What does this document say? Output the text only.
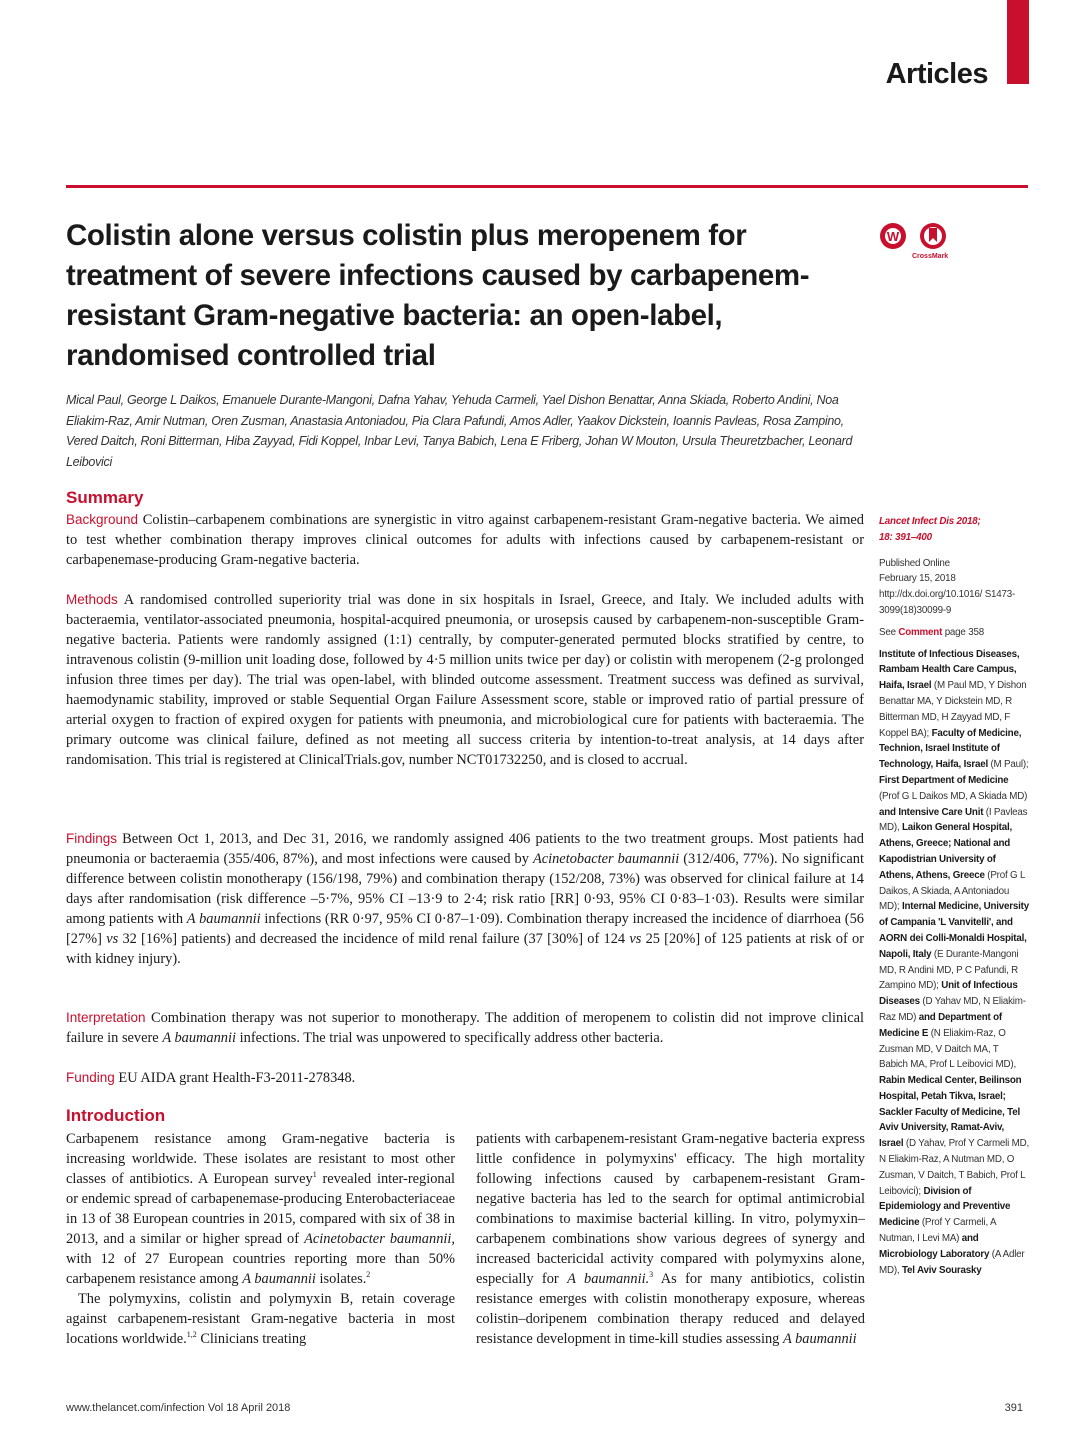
Articles
Colistin alone versus colistin plus meropenem for treatment of severe infections caused by carbapenem-resistant Gram-negative bacteria: an open-label, randomised controlled trial
W
CrossMark

Mical Paul, George L Daikos, Emanuele Durante-Mangoni, Dafna Yahav, Yehuda Carmeli, Yael Dishon Benattar, Anna Skiada, Roberto Andini, Noa Eliakim-Raz, Amir Nutman, Oren Zusman, Anastasia Antoniadou, Pia Clara Pafundi, Amos Adler, Yaakov Dickstein, Ioannis Pavleas, Rosa Zampino, Vered Daitch, Roni Bitterman, Hiba Zayyad, Fidi Koppel, Inbar Levi, Tanya Babich, Lena E Friberg, Johan W Mouton, Ursula Theuretzbacher, Leonard Leibovici

Summary

Background Colistin–carbapenem combinations are synergistic in vitro against carbapenem-resistant Gram-negative bacteria. We aimed to test whether combination therapy improves clinical outcomes for adults with infections caused by carbapenem-resistant or carbapenemase-producing Gram-negative bacteria.

Methods A randomised controlled superiority trial was done in six hospitals in Israel, Greece, and Italy. We included adults with bacteraemia, ventilator-associated pneumonia, hospital-acquired pneumonia, or urosepsis caused by carbapenem-non-susceptible Gram-negative bacteria. Patients were randomly assigned (1:1) centrally, by computer-generated permuted blocks stratified by centre, to intravenous colistin (9-million unit loading dose, followed by 4·5 million units twice per day) or colistin with meropenem (2-g prolonged infusion three times per day). The trial was open-label, with blinded outcome assessment. Treatment success was defined as survival, haemodynamic stability, improved or stable Sequential Organ Failure Assessment score, stable or improved ratio of partial pressure of arterial oxygen to fraction of expired oxygen for patients with pneumonia, and microbiological cure for patients with bacteraemia. The primary outcome was clinical failure, defined as not meeting all success criteria by intention-to-treat analysis, at 14 days after randomisation. This trial is registered at ClinicalTrials.gov, number NCT01732250, and is closed to accrual.

Findings Between Oct 1, 2013, and Dec 31, 2016, we randomly assigned 406 patients to the two treatment groups. Most patients had pneumonia or bacteraemia (355/406, 87%), and most infections were caused by Acinetobacter baumannii (312/406, 77%). No significant difference between colistin monotherapy (156/198, 79%) and combination therapy (152/208, 73%) was observed for clinical failure at 14 days after randomisation (risk difference –5·7%, 95% CI –13·9 to 2·4; risk ratio [RR] 0·93, 95% CI 0·83–1·03). Results were similar among patients with A baumannii infections (RR 0·97, 95% CI 0·87–1·09). Combination therapy increased the incidence of diarrhoea (56 [27%] vs 32 [16%] patients) and decreased the incidence of mild renal failure (37 [30%] of 124 vs 25 [20%] of 125 patients at risk of or with kidney injury).

Interpretation Combination therapy was not superior to monotherapy. The addition of meropenem to colistin did not improve clinical failure in severe A baumannii infections. The trial was unpowered to specifically address other bacteria.

Funding EU AIDA grant Health-F3-2011-278348.

Introduction

Carbapenem resistance among Gram-negative bacteria is increasing worldwide. These isolates are resistant to most other classes of antibiotics. A European survey$^1$ revealed inter-regional or endemic spread of carbapenemase-producing Enterobacteriaceae in 13 of 38 European countries in 2015, compared with six of 38 in 2013, and a similar or higher spread of Acinetobacter baumannii, with 12 of 27 European countries reporting more than 50% carbapenem resistance among A baumannii isolates.$^2$

The polymyxins, colistin and polymyxin B, retain coverage against carbapenem-resistant Gram-negative bacteria in most locations worldwide.$^{1,2}$ Clinicians treating

patients with carbapenem-resistant Gram-negative bacteria express little confidence in polymyxins' efficacy. The high mortality following infections caused by carbapenem-resistant Gram-negative bacteria has led to the search for optimal antimicrobial combinations to maximise bacterial killing. In vitro, polymyxin–carbapenem combinations show various degrees of synergy and increased bactericidal activity compared with polymyxins alone, especially for A baumannii.$^3$ As for many antibiotics, colistin resistance emerges with colistin monotherapy exposure, whereas colistin–doripenem combination therapy reduced and delayed resistance development in time-kill studies assessing A baumannii

Lancet Infect Dis 2018;
18: 391–400

Published Online
February 15, 2018
http://dx.doi.org/10.1016/ S1473-3099(18)30099-9

See Comment page 358

Institute of Infectious Diseases, Rambam Health Care Campus, Haifa, Israel (M Paul MD, Y Dishon Benattar MA, Y Dickstein MD, R Bitterman MD, H Zayyad MD, F Koppel BA); Faculty of Medicine, Technion, Israel Institute of Technology, Haifa, Israel (M Paul); First Department of Medicine (Prof G L Daikos MD, A Skiada MD) and Intensive Care Unit (I Pavleas MD), Laikon General Hospital, Athens, Greece; National and Kapodistrian University of Athens, Athens, Greece (Prof G L Daikos, A Skiada, A Antoniadou MD); Internal Medicine, University of Campania 'L Vanvitelli', and AORN dei Colli-Monaldi Hospital, Napoli, Italy (E Durante-Mangoni MD, R Andini MD, P C Pafundi, R Zampino MD); Unit of Infectious Diseases (D Yahav MD, N Eliakim-Raz MD) and Department of Medicine E (N Eliakim-Raz, O Zusman MD, V Daitch MA, T Babich MA, Prof L Leibovici MD), Rabin Medical Center, Beilinson Hospital, Petah Tikva, Israel; Sackler Faculty of Medicine, Tel Aviv University, Ramat-Aviv, Israel (D Yahav, Prof Y Carmeli MD, N Eliakim-Raz, A Nutman MD, O Zusman, V Daitch, T Babich, Prof L Leibovici); Division of Epidemiology and Preventive Medicine (Prof Y Carmeli, A Nutman, I Levi MA) and Microbiology Laboratory (A Adler MD), Tel Aviv Sourasky

www.thelancet.com/infection Vol 18 April 2018	391
